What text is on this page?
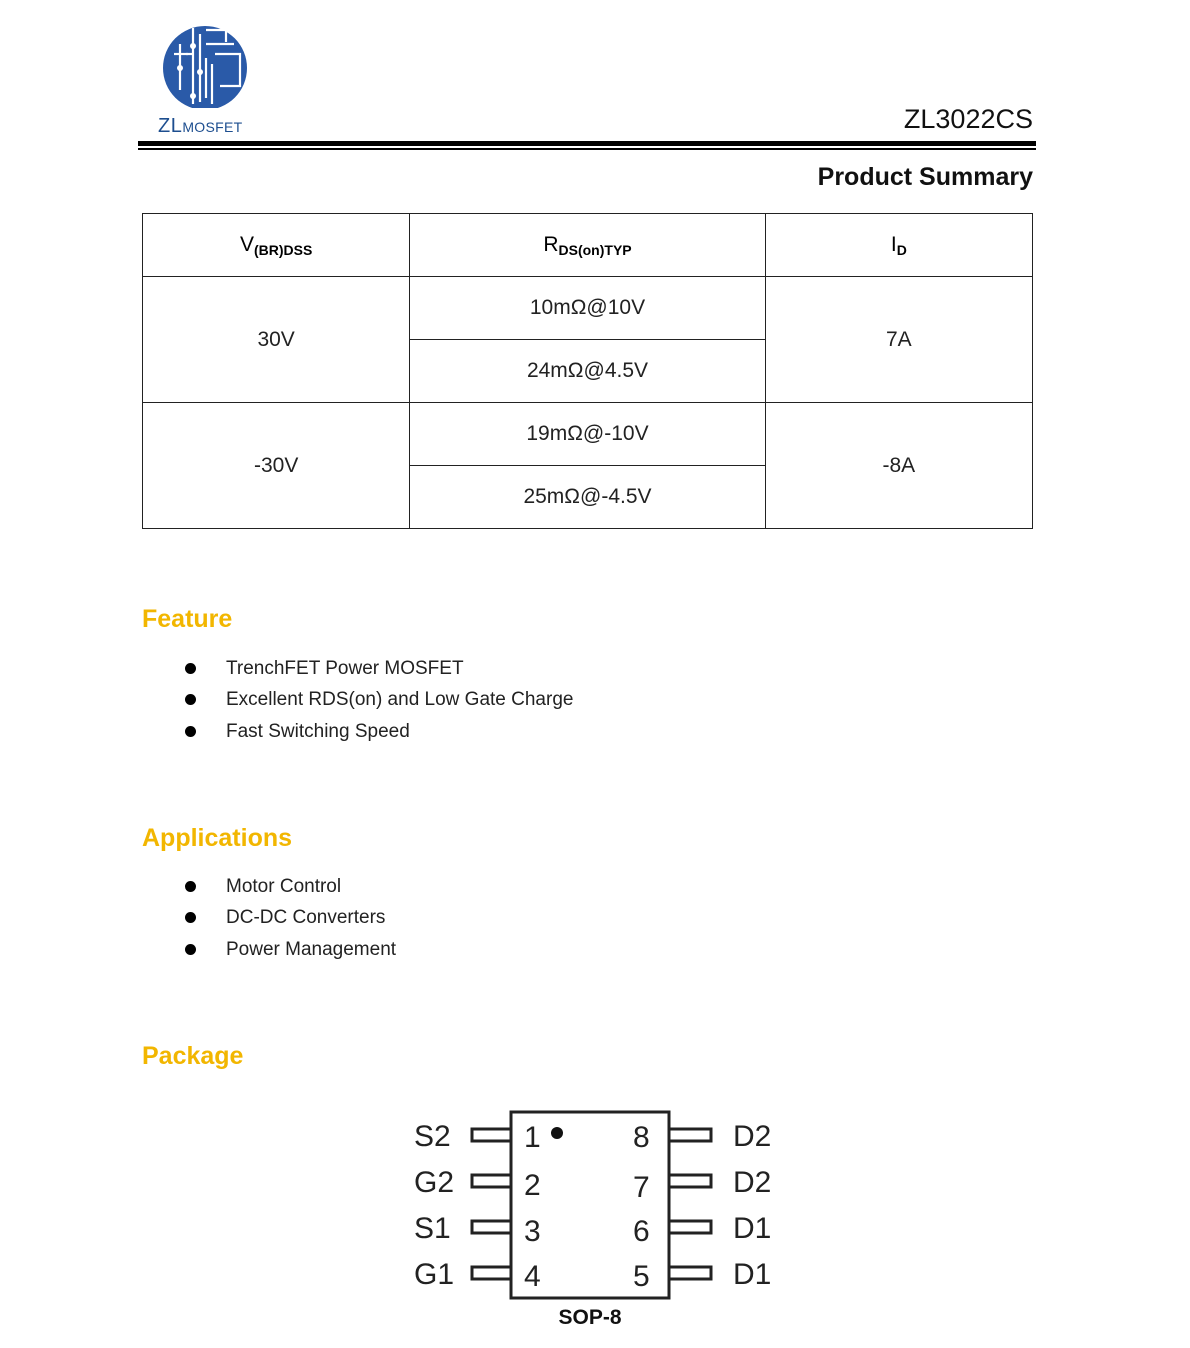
ZLMOSFET	ZL3022CS
Product Summary
$V_{(BR)DSS}$	$R_{DS(on)TYP}$	$I_D$
30V	10mΩ@10V	7A
	24mΩ@4.5V	
-30V	19mΩ@-10V	-8A
	25mΩ@-4.5V	
Feature
TrenchFET Power MOSFET
Excellent RDS(on) and Low Gate Charge
Fast Switching Speed
Applications
Motor Control
DC-DC Converters
Power Management
Package
S2
G2
S1
G1
D2
D2
D1
D1
1
2
3
4
8
7
6
5
SOP-8
